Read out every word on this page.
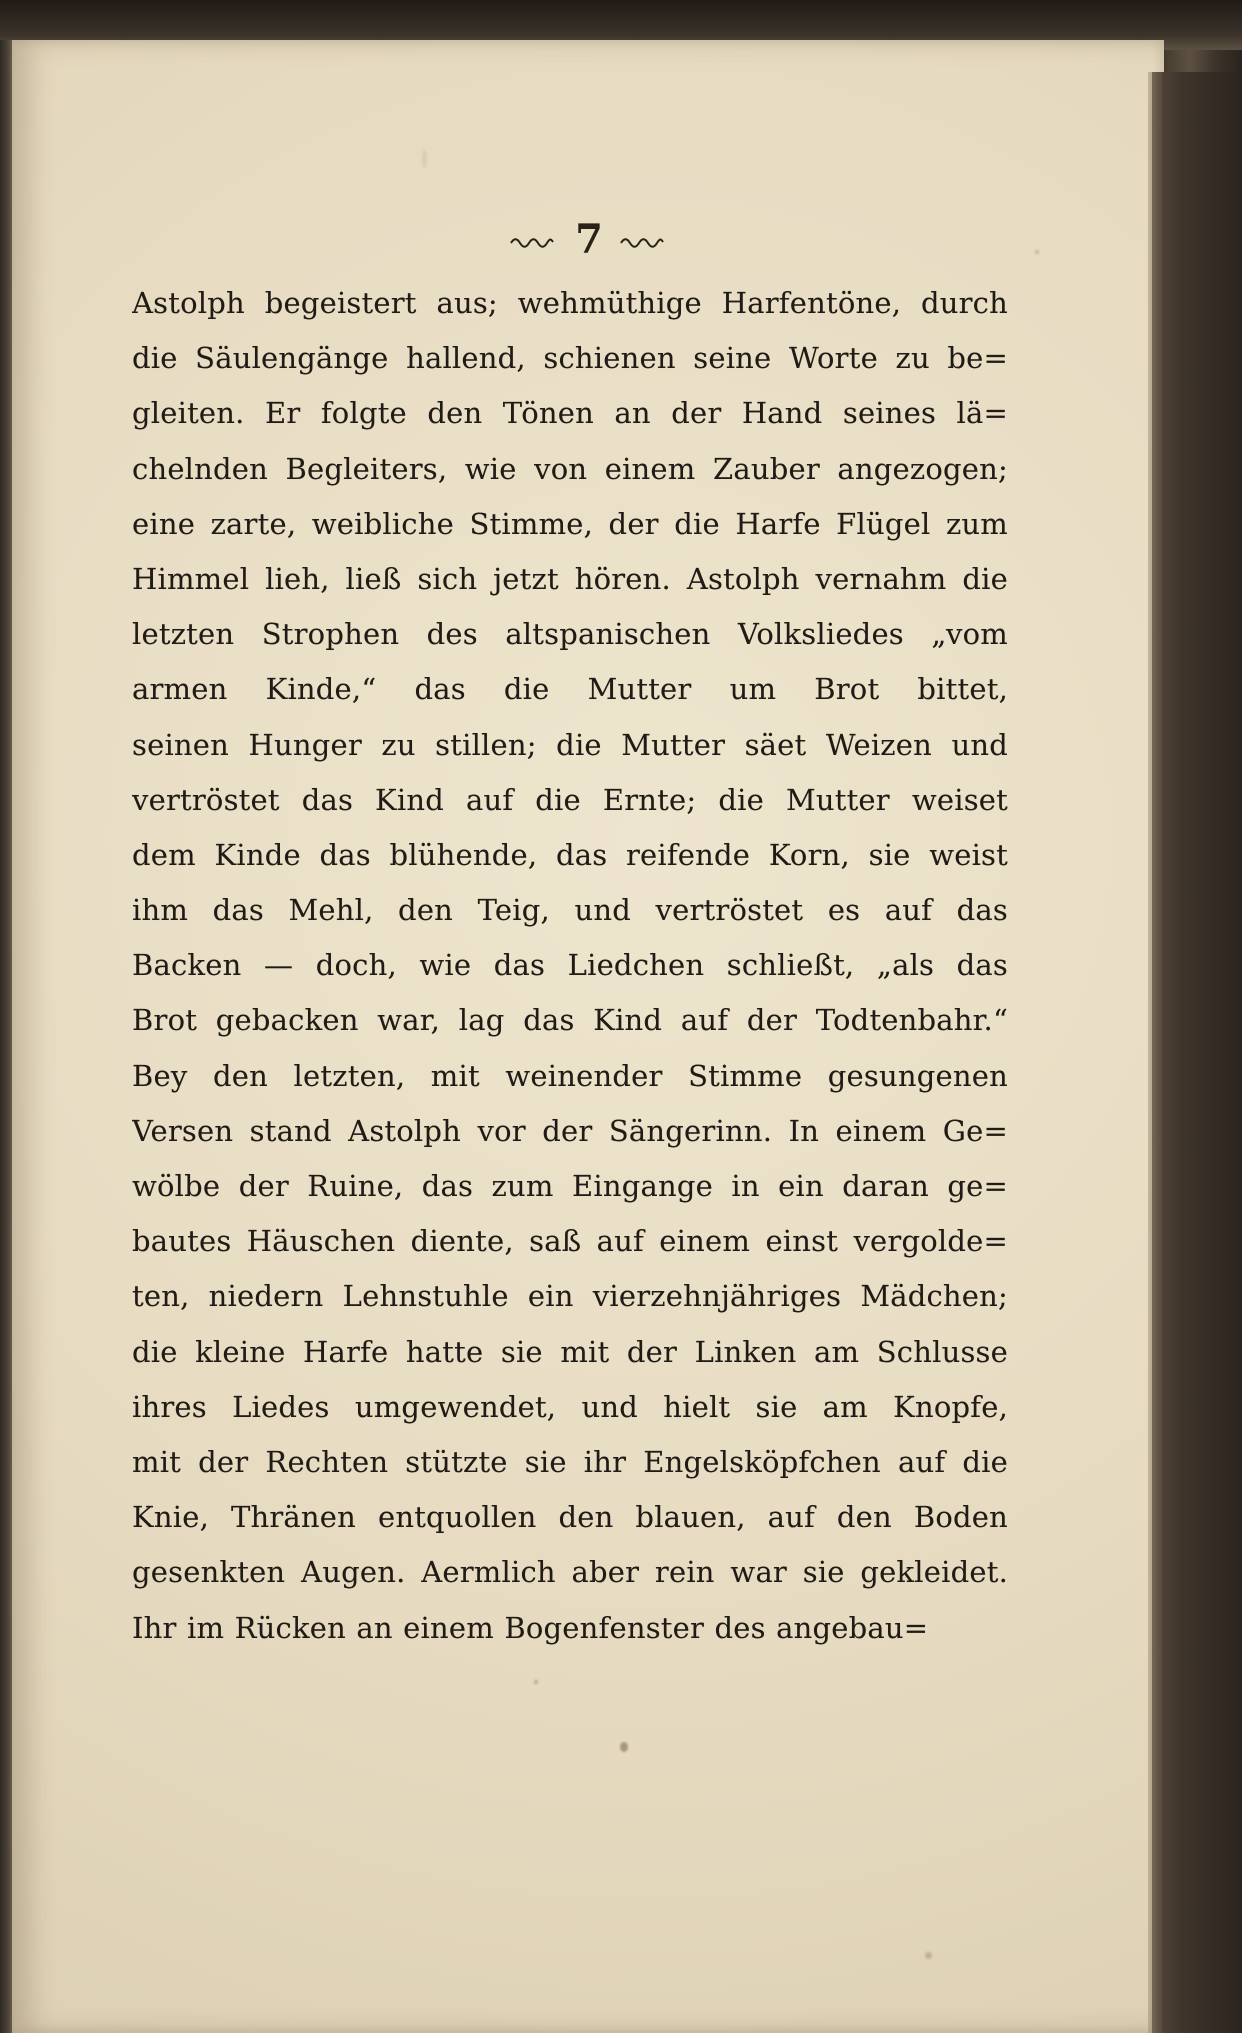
7
Astolph begeistert aus; wehmüthige Harfentöne, durch
die Säulengänge hallend, schienen seine Worte zu be=
gleiten. Er folgte den Tönen an der Hand seines lä=
chelnden Begleiters, wie von einem Zauber angezogen;
eine zarte, weibliche Stimme, der die Harfe Flügel zum
Himmel lieh, ließ sich jetzt hören. Astolph vernahm die
letzten Strophen des altspanischen Volksliedes „vom
armen Kinde,“ das die Mutter um Brot bittet,
seinen Hunger zu stillen; die Mutter säet Weizen und
vertröstet das Kind auf die Ernte; die Mutter weiset
dem Kinde das blühende, das reifende Korn, sie weist
ihm das Mehl, den Teig, und vertröstet es auf das
Backen — doch, wie das Liedchen schließt, „als das
Brot gebacken war, lag das Kind auf der Todtenbahr.“
Bey den letzten, mit weinender Stimme gesungenen
Versen stand Astolph vor der Sängerinn. In einem Ge=
wölbe der Ruine, das zum Eingange in ein daran ge=
bautes Häuschen diente, saß auf einem einst vergolde=
ten, niedern Lehnstuhle ein vierzehnjähriges Mädchen;
die kleine Harfe hatte sie mit der Linken am Schlusse
ihres Liedes umgewendet, und hielt sie am Knopfe,
mit der Rechten stützte sie ihr Engelsköpfchen auf die
Knie, Thränen entquollen den blauen, auf den Boden
gesenkten Augen. Aermlich aber rein war sie gekleidet.
Ihr im Rücken an einem Bogenfenster des angebau=
